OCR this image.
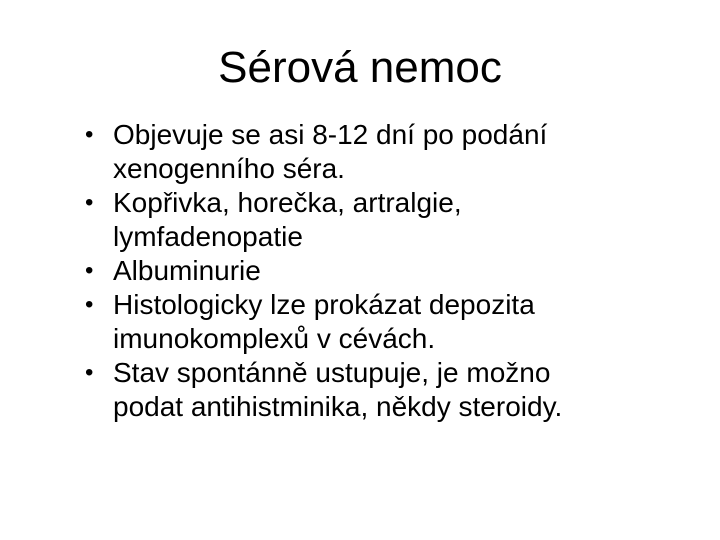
Sérová nemoc
• Objevuje se asi 8-12 dní po podání
xenogenního séra.
• Kopřivka, horečka, artralgie,
lymfadenopatie
• Albuminurie
• Histologicky lze prokázat depozita
imunokomplexů v cévách.
• Stav spontánně ustupuje, je možno
podat antihistminika, někdy steroidy.
